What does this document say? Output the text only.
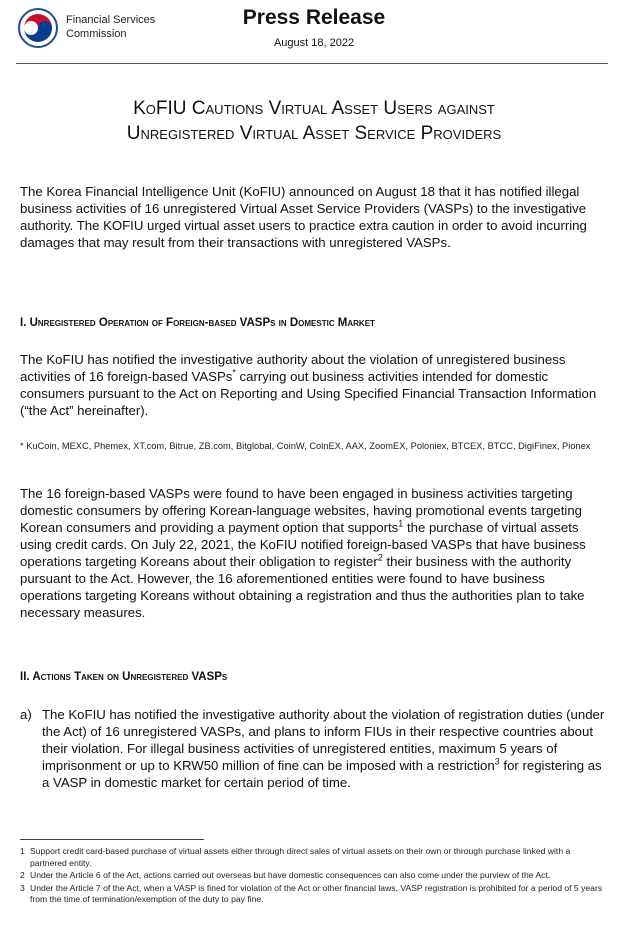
Financial Services
Commission
Press Release
August 18, 2022
KoFIU Cautions Virtual Asset Users against
Unregistered Virtual Asset Service Providers
The Korea Financial Intelligence Unit (KoFIU) announced on August 18 that it has notified illegal business activities of 16 unregistered Virtual Asset Service Providers (VASPs) to the investigative authority. The KOFIU urged virtual asset users to practice extra caution in order to avoid incurring damages that may result from their transactions with unregistered VASPs.
I. Unregistered Operation of Foreign-based VASPs in Domestic Market
The KoFIU has notified the investigative authority about the violation of unregistered business activities of 16 foreign-based VASPs* carrying out business activities intended for domestic consumers pursuant to the Act on Reporting and Using Specified Financial Transaction Information (“the Act” hereinafter).
* KuCoin, MEXC, Phemex, XT.com, Bitrue, ZB.com, Bitglobal, CoinW, CoinEX, AAX, ZoomEX, Poloniex, BTCEX, BTCC, DigiFinex, Pionex
The 16 foreign-based VASPs were found to have been engaged in business activities targeting domestic consumers by offering Korean-language websites, having promotional events targeting Korean consumers and providing a payment option that supports$^1$ the purchase of virtual assets using credit cards. On July 22, 2021, the KoFIU notified foreign-based VASPs that have business operations targeting Koreans about their obligation to register$^2$ their business with the authority pursuant to the Act. However, the 16 aforementioned entities were found to have business operations targeting Koreans without obtaining a registration and thus the authorities plan to take necessary measures.
II. Actions Taken on Unregistered VASPs
a) The KoFIU has notified the investigative authority about the violation of registration duties (under the Act) of 16 unregistered VASPs, and plans to inform FIUs in their respective countries about their violation. For illegal business activities of unregistered entities, maximum 5 years of imprisonment or up to KRW50 million of fine can be imposed with a restriction$^3$ for registering as a VASP in domestic market for certain period of time.
1 Support credit card-based purchase of virtual assets either through direct sales of virtual assets on their own or through purchase linked with a partnered entity.
2 Under the Article 6 of the Act, actions carried out overseas but have domestic consequences can also come under the purview of the Act.
3 Under the Article 7 of the Act, when a VASP is fined for violation of the Act or other financial laws, VASP registration is prohibited for a period of 5 years from the time of termination/exemption of the duty to pay fine.
